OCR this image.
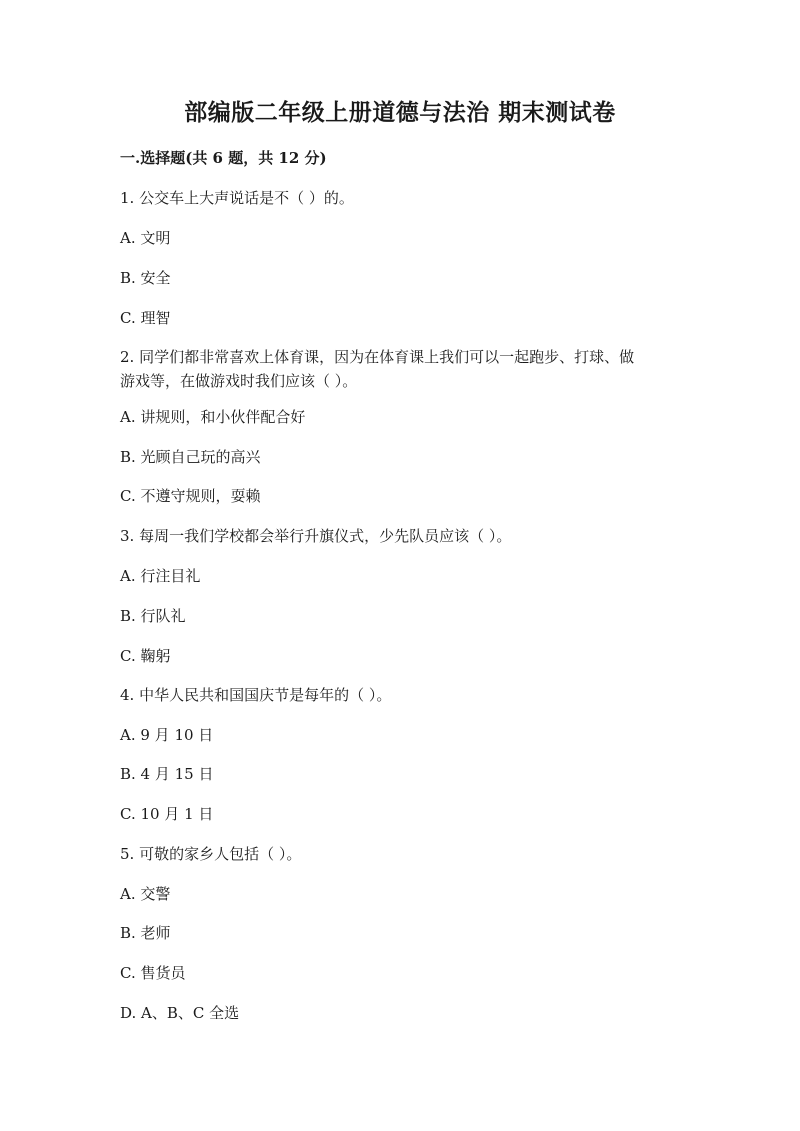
部编版二年级上册道德与法治 期末测试卷
一.选择题(共 6 题，共 12 分)
1. 公交车上大声说话是不（ ）的。
A. 文明
B. 安全
C. 理智
2. 同学们都非常喜欢上体育课，因为在体育课上我们可以一起跑步、打球、做
游戏等，在做游戏时我们应该（ ）。
A. 讲规则，和小伙伴配合好
B. 光顾自己玩的高兴
C. 不遵守规则，耍赖
3. 每周一我们学校都会举行升旗仪式，少先队员应该（ ）。
A. 行注目礼
B. 行队礼
C. 鞠躬
4. 中华人民共和国国庆节是每年的（ ）。
A. 9 月 10 日
B. 4 月 15 日
C. 10 月 1 日
5. 可敬的家乡人包括（ ）。
A. 交警
B. 老师
C. 售货员
D. A、B、C 全选
